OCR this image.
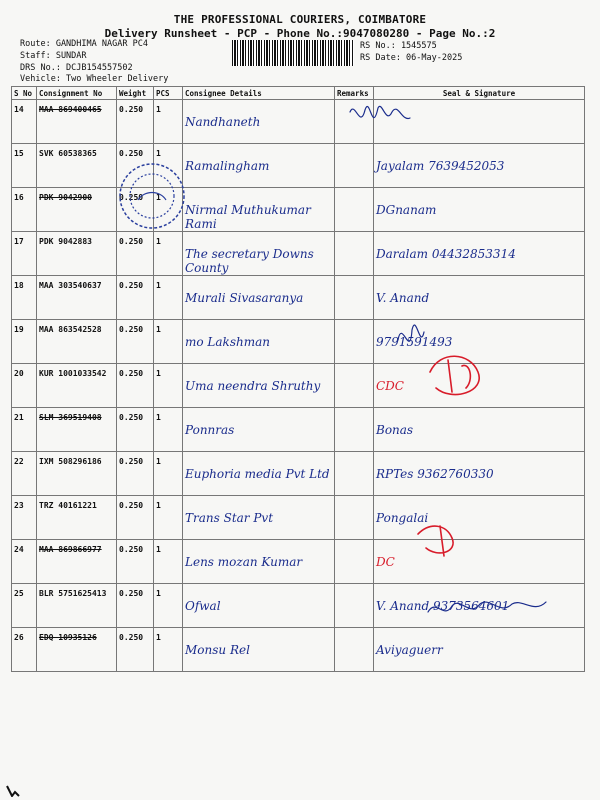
THE PROFESSIONAL COURIERS, COIMBATORE
Delivery Runsheet - PCP - Phone No.:9047080280 - Page No.:2
Route: GANDHIMA NAGAR PC4
Staff: SUNDAR
DRS No.: DCJB154557502
Vehicle: Two Wheeler Delivery
RS No.: 1545575
RS Date: 06-May-2025
S No	Consignment No	Weight	PCS	Consignee Details	Remarks	Seal & Signature

14	MAA 869400465	0.250	1	Nandhaneth		

15	SVK 60538365	0.250	1	Ramalingham		Jayalam 7639452053

16	PDK 9042900	0.250	1	Nirmal Muthukumar Rami		DGnanam

17	PDK 9042883	0.250	1	The secretary Downs County		Daralam 04432853314

18	MAA 303540637	0.250	1	Murali Sivasaranya		V. Anand

19	MAA 863542528	0.250	1	mo Lakshman		9791591493

20	KUR 1001033542	0.250	1	Uma neendra Shruthy		CDC

21	SLM 369519408	0.250	1	Ponnras		Bonas

22	IXM 508296186	0.250	1	Euphoria media Pvt Ltd		RPTes 9362760330

23	TRZ 40161221	0.250	1	Trans Star Pvt		Pongalai

24	MAA 869866977	0.250	1	Lens mozan Kumar		DC

25	BLR 5751625413	0.250	1	Ofwal		V. Anand 9373564601

26	EDQ 10935126	0.250	1	Monsu Rel		Aviyaguerr
